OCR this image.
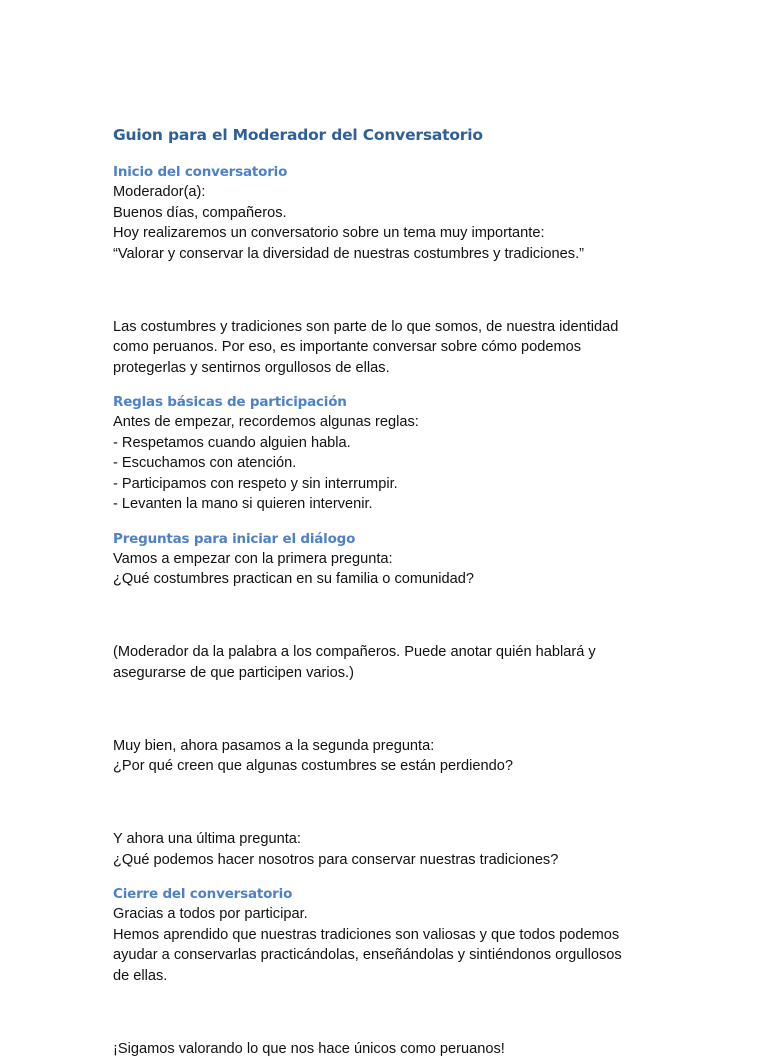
Guion para el Moderador del Conversatorio
Inicio del conversatorio

Moderador(a):

Buenos días, compañeros.

Hoy realizaremos un conversatorio sobre un tema muy importante:

“Valorar y conservar la diversidad de nuestras costumbres y tradiciones.”

Las costumbres y tradiciones son parte de lo que somos, de nuestra identidad

como peruanos. Por eso, es importante conversar sobre cómo podemos

protegerlas y sentirnos orgullosos de ellas.

Reglas básicas de participación

Antes de empezar, recordemos algunas reglas:

- Respetamos cuando alguien habla.

- Escuchamos con atención.

- Participamos con respeto y sin interrumpir.

- Levanten la mano si quieren intervenir.

Preguntas para iniciar el diálogo

Vamos a empezar con la primera pregunta:

¿Qué costumbres practican en su familia o comunidad?

(Moderador da la palabra a los compañeros. Puede anotar quién hablará y

asegurarse de que participen varios.)

Muy bien, ahora pasamos a la segunda pregunta:

¿Por qué creen que algunas costumbres se están perdiendo?

Y ahora una última pregunta:

¿Qué podemos hacer nosotros para conservar nuestras tradiciones?

Cierre del conversatorio

Gracias a todos por participar.

Hemos aprendido que nuestras tradiciones son valiosas y que todos podemos

ayudar a conservarlas practicándolas, enseñándolas y sintiéndonos orgullosos

de ellas.

¡Sigamos valorando lo que nos hace únicos como peruanos!
